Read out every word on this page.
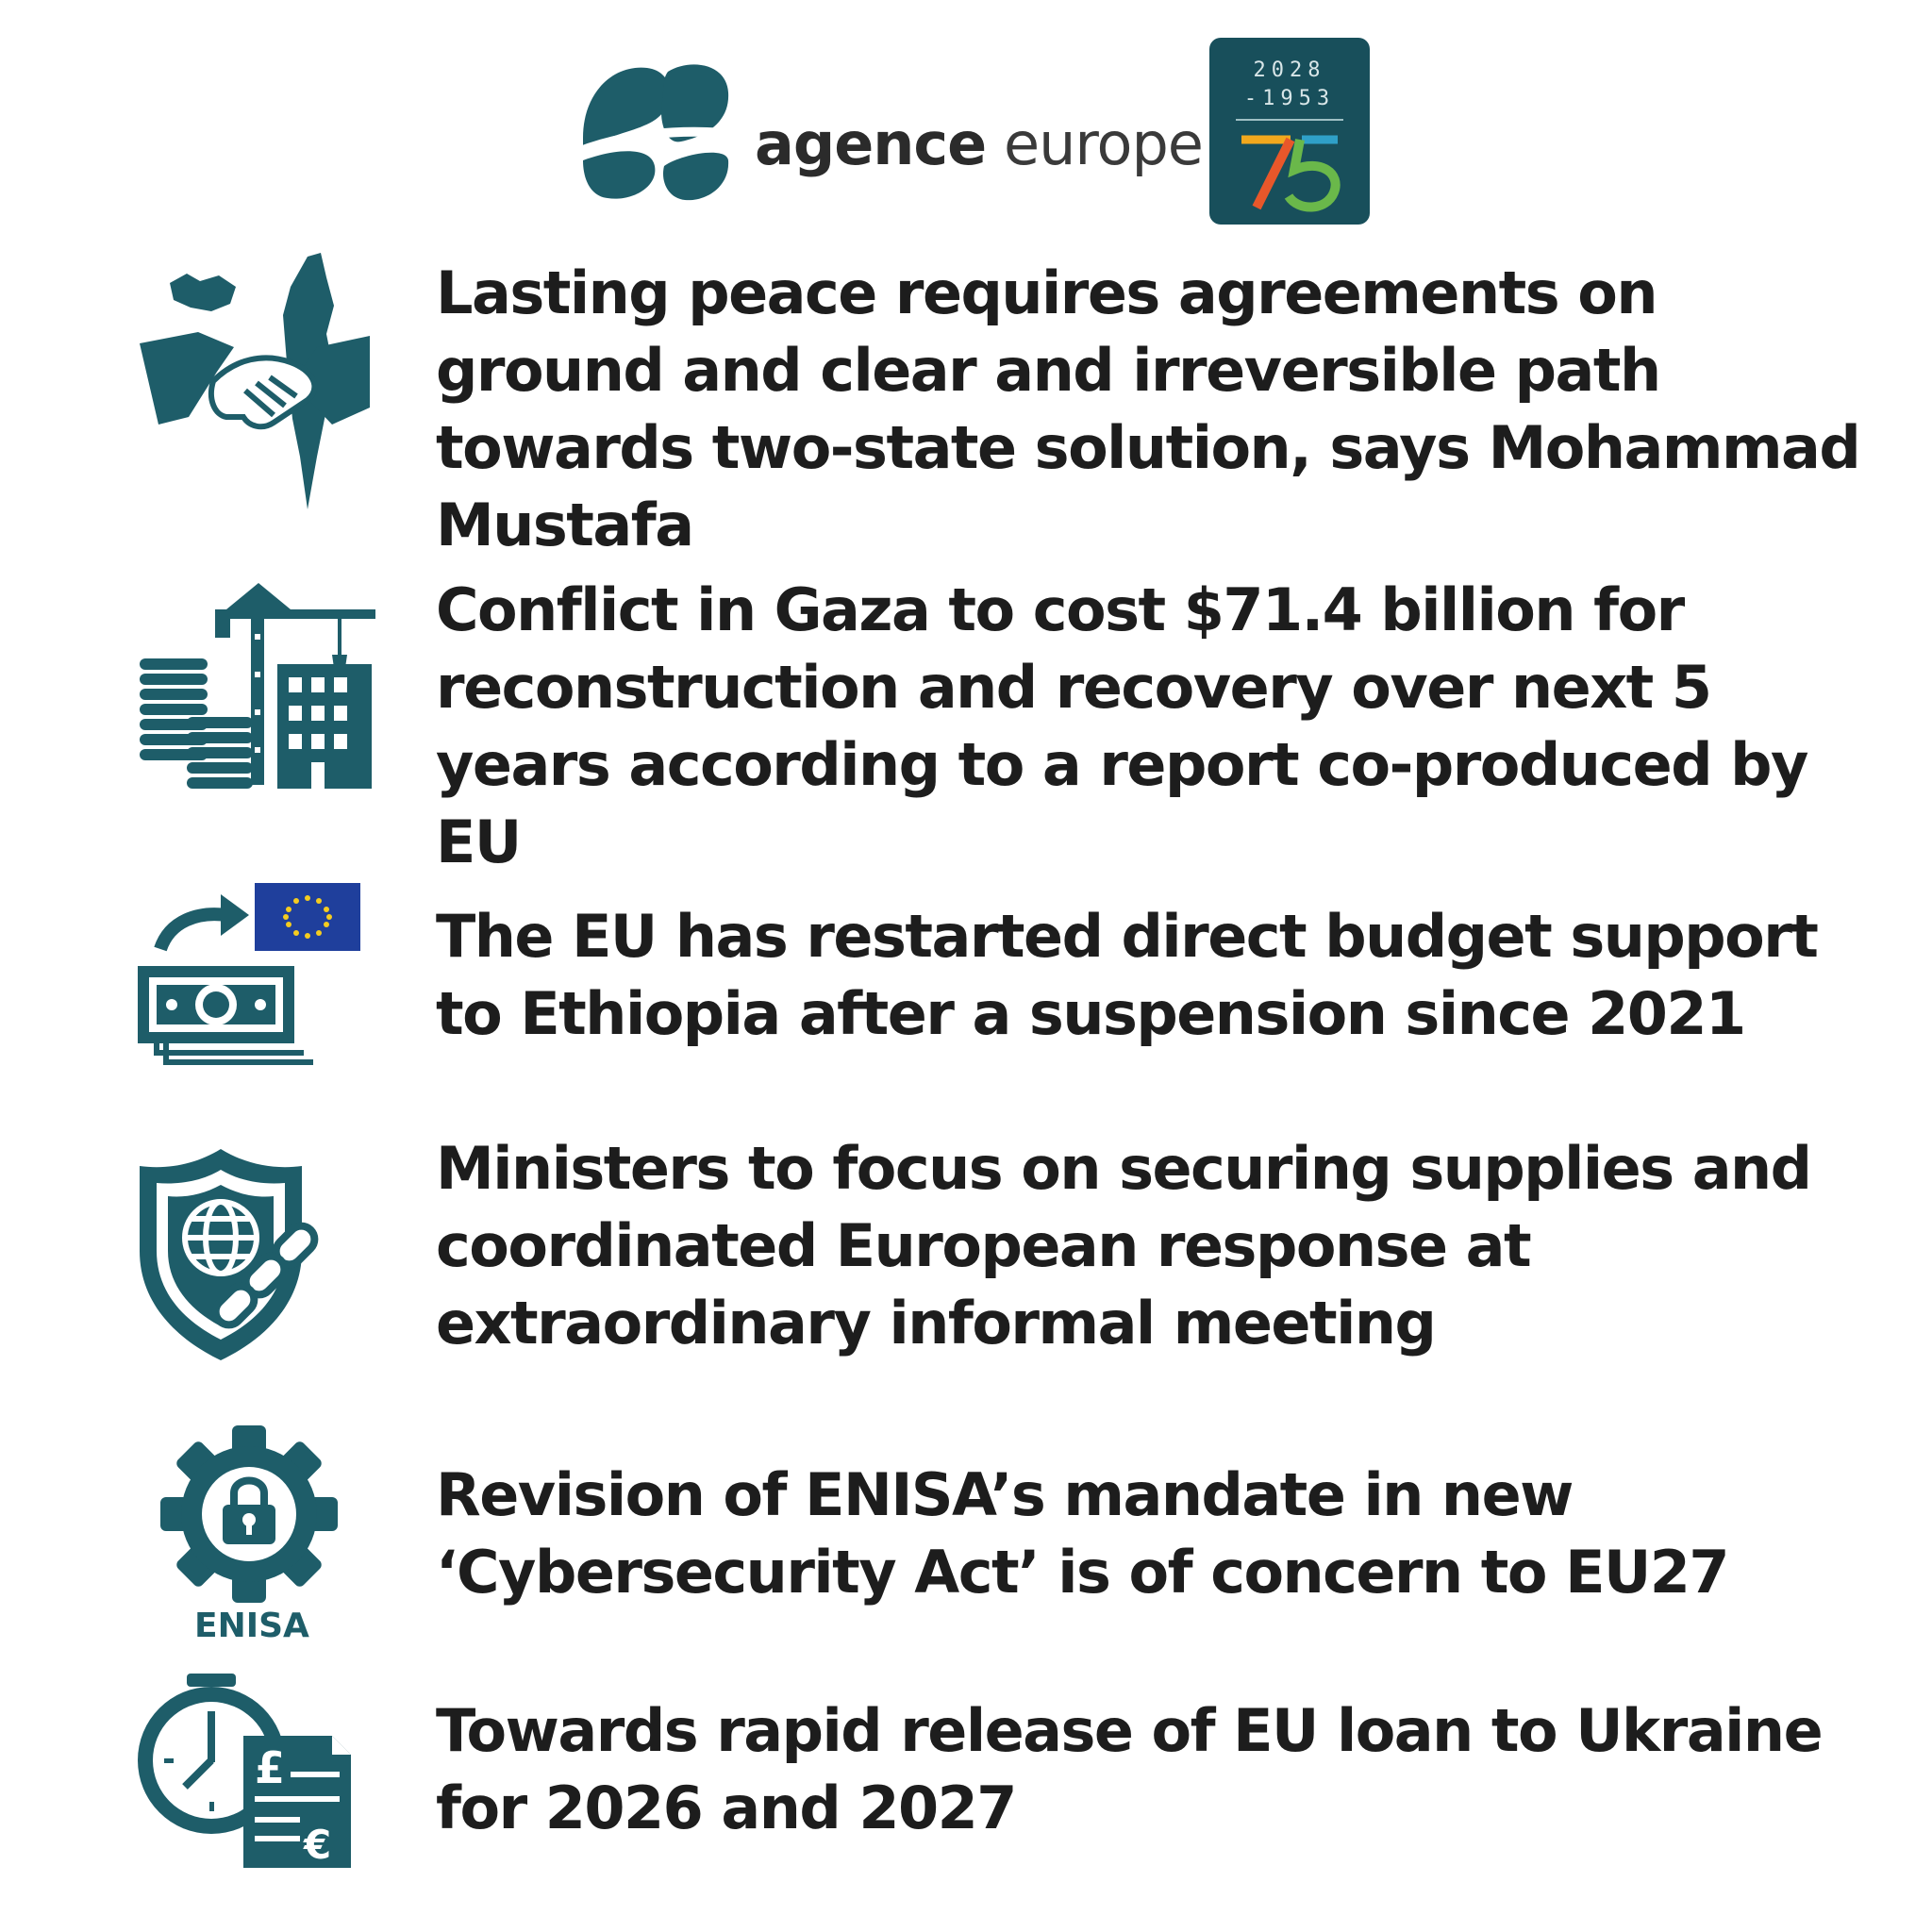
agence europe
2028
-1953

Lasting peace requires agreements on ground and clear and irreversible path towards two-state solution, says Mohammad Mustafa

Conflict in Gaza to cost $71.4 billion for reconstruction and recovery over next 5 years according to a report co-produced by EU

The EU has restarted direct budget support to Ethiopia after a suspension since 2021

Ministers to focus on securing supplies and coordinated European response at extraordinary informal meeting

Revision of ENISA’s mandate in new ‘Cybersecurity Act’ is of concern to EU27

ENISA
£
€

Towards rapid release of EU loan to Ukraine for 2026 and 2027
